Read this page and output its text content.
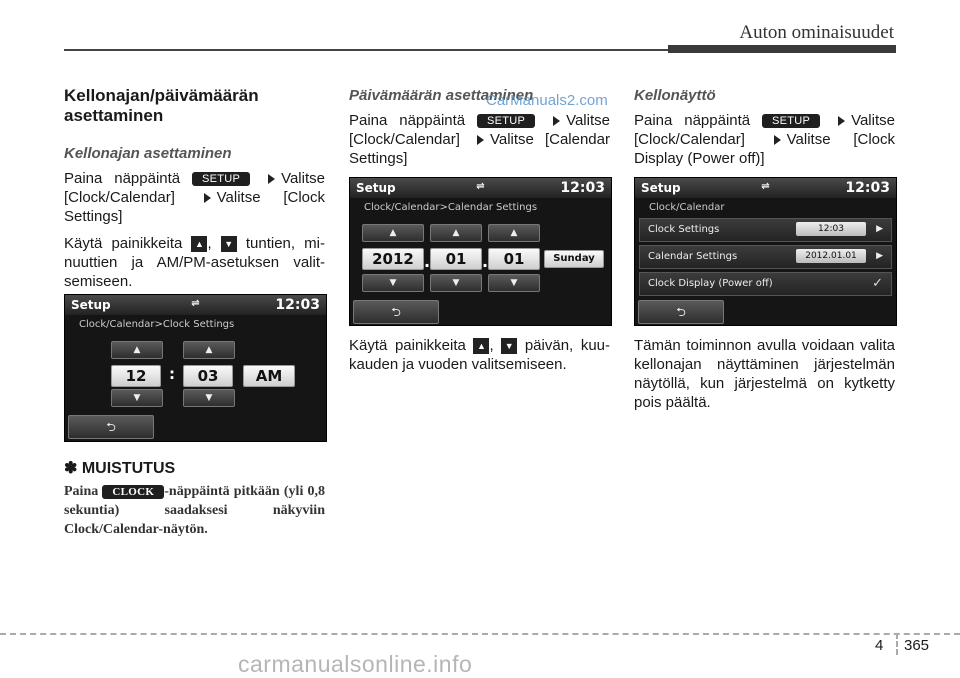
Auton ominaisuudet
Kellonajan/päivämäärän asettaminen
Kellonajan asettaminen

Paina näppäintä SETUP	Valitse [Clock/Calendar]	Valitse [Clock Settings]

Käytä painikkeita ▲ , ▼ tuntien, minuuttien ja AM/PM-asetuksen valitsemiseen.

Setup	⇌	12:03
Clock/Calendar>Clock Settings
▲	▲
12	:	03	AM
▼	▼
⮌
✽ MUISTUTUS
Paina CLOCK -näppäintä pitkään (yli 0,8 sekuntia) saadaksesi näkyviin Clock/Calendar-näytön.
Päivämäärän asettaminen

Paina näppäintä SETUP	Valitse [Clock/Calendar] Valitse [Calendar Settings]

Setup	⇌	12:03
Clock/Calendar>Calendar Settings
▲	▲	▲
2012 .	01 .	01	Sunday
▼	▼	▼
⮌

Käytä painikkeita ▲ , ▼ päivän, kuukauden ja vuoden valitsemiseen.

Kellonäyttö

Paina näppäintä SETUP	Valitse [Clock/Calendar]	Valitse [Clock Display (Power off)]

Setup	⇌	12:03
Clock/Calendar
Clock Settings	12:03	▶
Calendar Settings	2012.01.01	▶
Clock Display (Power off)	✓
⮌

Tämän toiminnon avulla voidaan valita kellonajan näyttäminen järjestelmän näytöllä, kun järjestelmä on kytketty pois päältä.

CarManuals2.com
carmanualsonline.info
4 365
